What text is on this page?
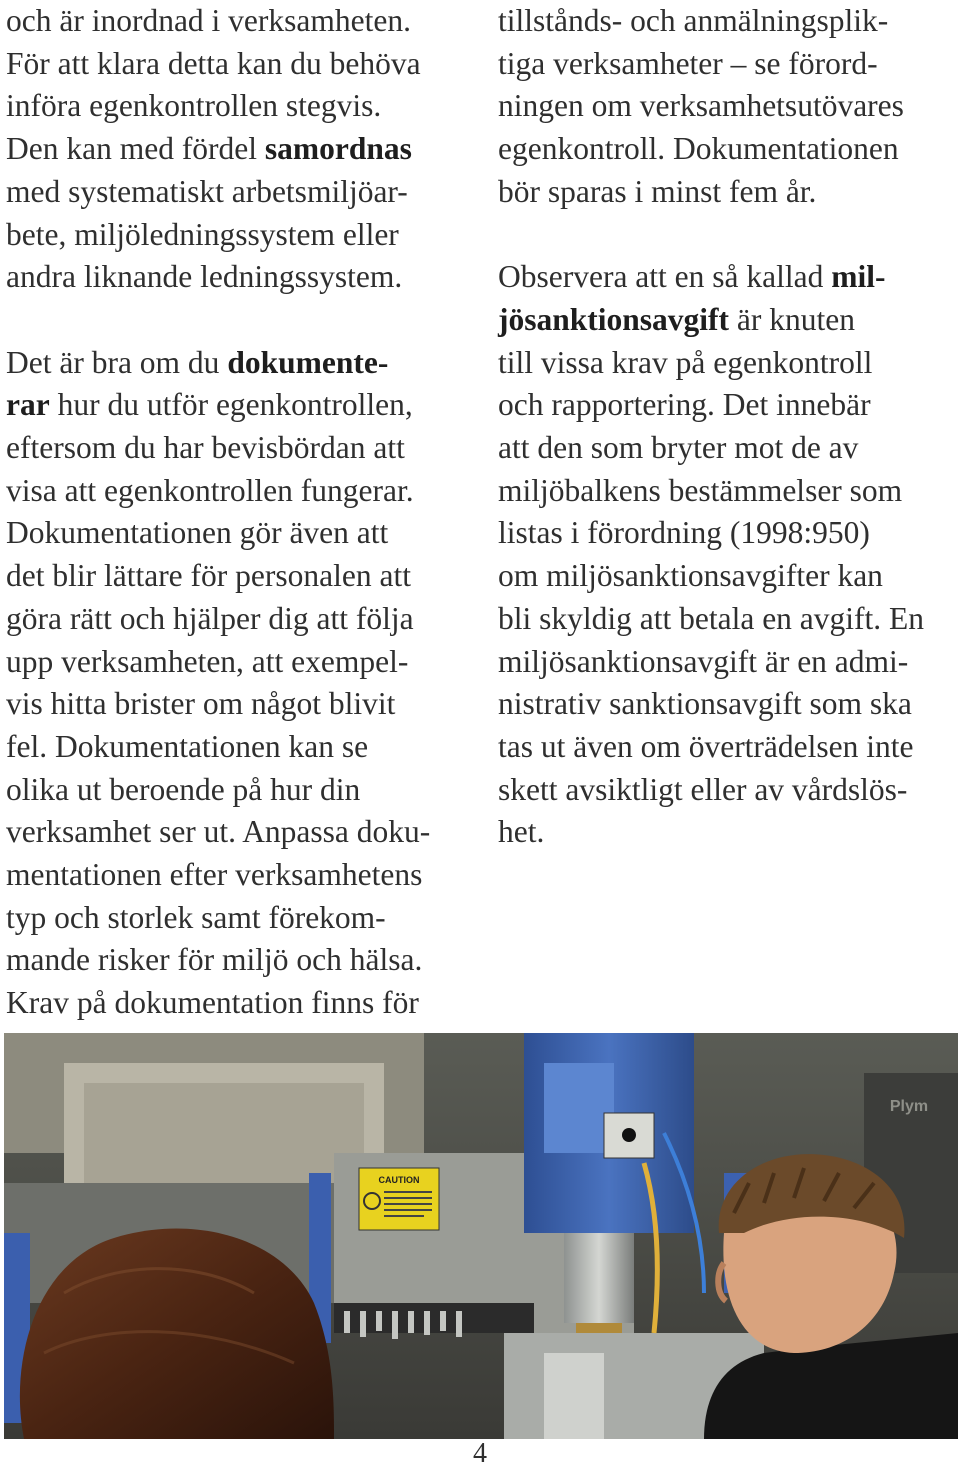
och är inordnad i verksamheten.
För att klara detta kan du behöva
införa egenkontrollen stegvis.
Den kan med fördel samordnas
med systematiskt arbetsmiljöar-
bete, miljöledningssystem eller
andra liknande ledningssystem.
Det är bra om du dokumente-
rar hur du utför egenkontrollen,
eftersom du har bevisbördan att
visa att egenkontrollen fungerar.
Dokumentationen gör även att
det blir lättare för personalen att
göra rätt och hjälper dig att följa
upp verksamheten, att exempel-
vis hitta brister om något blivit
fel. Dokumentationen kan se
olika ut beroende på hur din
verksamhet ser ut. Anpassa doku-
mentationen efter verksamhetens
typ och storlek samt förekom-
mande risker för miljö och hälsa.
Krav på dokumentation finns för
tillstånds- och anmälningsplik-
tiga verksamheter – se förord-
ningen om verksamhetsutövares
egenkontroll. Dokumentationen
bör sparas i minst fem år.
Observera att en så kallad mil-
jösanktionsavgift är knuten
till vissa krav på egenkontroll
och rapportering. Det innebär
att den som bryter mot de av
miljöbalkens bestämmelser som
listas i förordning (1998:950)
om miljösanktionsavgifter kan
bli skyldig att betala en avgift. En
miljösanktionsavgift är en admi-
nistrativ sanktionsavgift som ska
tas ut även om överträdelsen inte
skett avsiktligt eller av vårdslös-
het.
CAUTION
Plym
4
